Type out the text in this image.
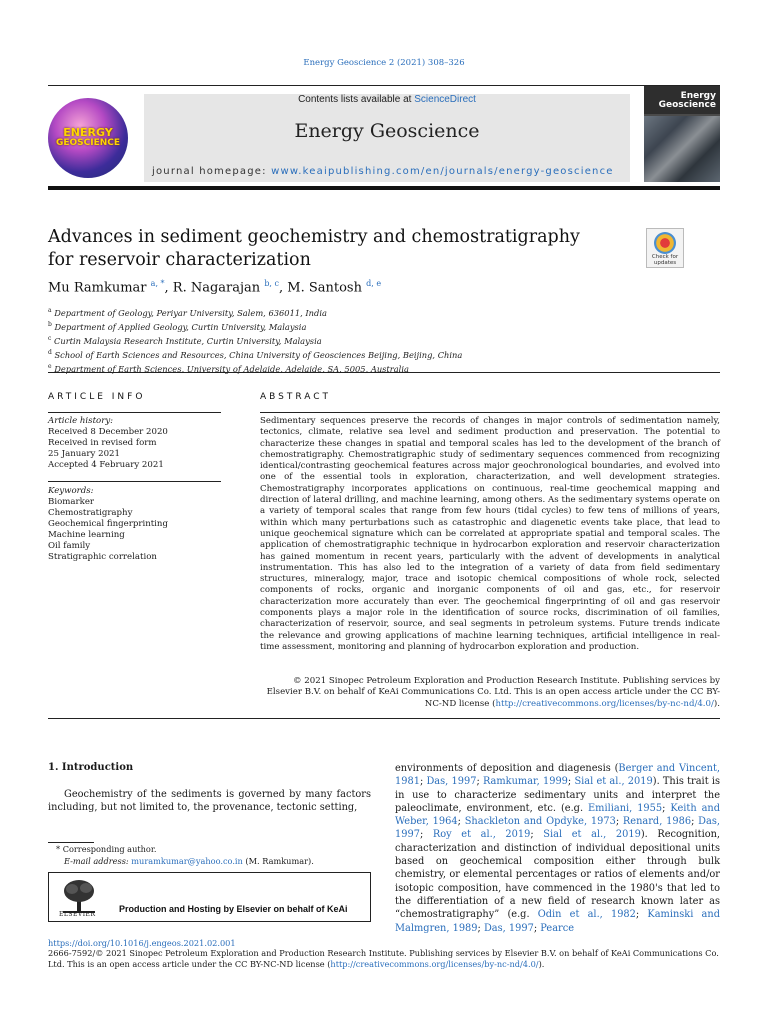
Energy Geoscience 2 (2021) 308–326
ENERGY
GEOSCIENCE
Contents lists available at ScienceDirect
Energy Geoscience
journal homepage: www.keaipublishing.com/en/journals/energy-geoscience
Energy
Geoscience
Advances in sediment geochemistry and chemostratigraphy for reservoir characterization	Check for updates
Mu Ramkumar $^{a, *}$, R. Nagarajan $^{b, c}$, M. Santosh $^{d, e}$
$^a$ Department of Geology, Periyar University, Salem, 636011, India
$^b$ Department of Applied Geology, Curtin University, Malaysia
$^c$ Curtin Malaysia Research Institute, Curtin University, Malaysia
$^d$ School of Earth Sciences and Resources, China University of Geosciences Beijing, Beijing, China
$^e$ Department of Earth Sciences, University of Adelaide, Adelaide, SA, 5005, Australia
ARTICLE INFO	ABSTRACT
Article history:
Received 8 December 2020
Received in revised form
25 January 2021
Accepted 4 February 2021
Keywords:
Biomarker
Chemostratigraphy
Geochemical fingerprinting
Machine learning
Oil family
Stratigraphic correlation

Sedimentary sequences preserve the records of changes in major controls of sedimentation namely, tectonics, climate, relative sea level and sediment production and preservation. The potential to characterize these changes in spatial and temporal scales has led to the development of the branch of chemostratigraphy. Chemostratigraphic study of sedimentary sequences commenced from recognizing identical/contrasting geochemical features across major geochronological boundaries, and evolved into one of the essential tools in exploration, characterization, and well development strategies. Chemostratigraphy incorporates applications on continuous, real-time geochemical mapping and direction of lateral drilling, and machine learning, among others. As the sedimentary systems operate on a variety of temporal scales that range from few hours (tidal cycles) to few tens of millions of years, within which many perturbations such as catastrophic and diagenetic events take place, that lead to unique geochemical signature which can be correlated at appropriate spatial and temporal scales. The application of chemostratigraphic technique in hydrocarbon exploration and reservoir characterization has gained momentum in recent years, particularly with the advent of developments in analytical instrumentation. This has also led to the integration of a variety of data from field sedimentary structures, mineralogy, major, trace and isotopic chemical compositions of whole rock, selected components of rocks, organic and inorganic components of oil and gas, etc., for reservoir characterization more accurately than ever. The geochemical fingerprinting of oil and gas reservoir components plays a major role in the identification of source rocks, discrimination of oil families, characterization of reservoir, source, and seal segments in petroleum systems. Future trends indicate the relevance and growing applications of machine learning techniques, artificial intelligence in real-time assessment, monitoring and planning of hydrocarbon exploration and production.

© 2021 Sinopec Petroleum Exploration and Production Research Institute. Publishing services by Elsevier B.V. on behalf of KeAi Communications Co. Ltd. This is an open access article under the CC BY-NC-ND license (http://creativecommons.org/licenses/by-nc-nd/4.0/).

1. Introduction

Geochemistry of the sediments is governed by many factors including, but not limited to, the provenance, tectonic setting,

environments of deposition and diagenesis (Berger and Vincent, 1981; Das, 1997; Ramkumar, 1999; Sial et al., 2019). This trait is in use to characterize sedimentary units and interpret the paleoclimate, environment, etc. (e.g. Emiliani, 1955; Keith and Weber, 1964; Shackleton and Opdyke, 1973; Renard, 1986; Das, 1997; Roy et al., 2019; Sial et al., 2019). Recognition, characterization and distinction of individual depositional units based on geochemical composition either through bulk chemistry, or elemental percentages or ratios of elements and/or isotopic composition, have commenced in the 1980's that led to the differentiation of a new field of research known later as “chemostratigraphy” (e.g. Odin et al., 1982; Kaminski and Malmgren, 1989; Das, 1997; Pearce

* Corresponding author.
E-mail address: muramkumar@yahoo.co.in (M. Ramkumar).
ELSEVIER
Production and Hosting by Elsevier on behalf of KeAi
https://doi.org/10.1016/j.engeos.2021.02.001

2666-7592/© 2021 Sinopec Petroleum Exploration and Production Research Institute. Publishing services by Elsevier B.V. on behalf of KeAi Communications Co. Ltd. This is an open access article under the CC BY-NC-ND license (http://creativecommons.org/licenses/by-nc-nd/4.0/).
